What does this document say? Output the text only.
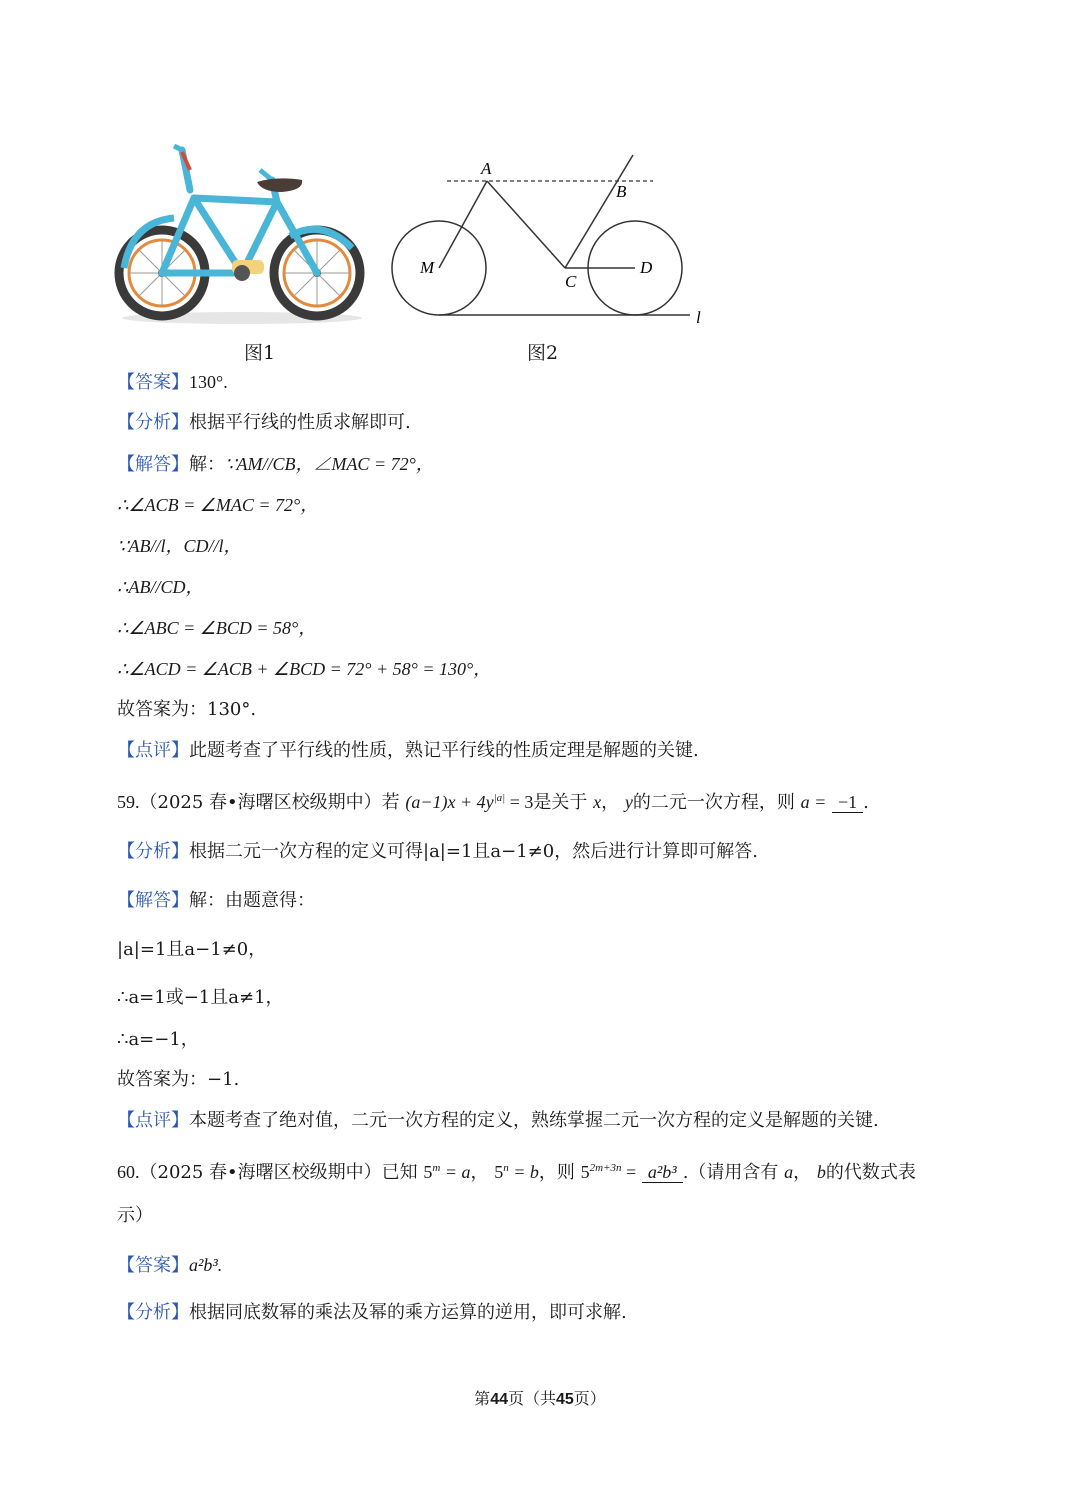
A
B
C
D
M
l
图1	图2
【答案】130°.
【分析】根据平行线的性质求解即可.
【解答】解：∵AM//CB，∠MAC = 72°，
∴∠ACB = ∠MAC = 72°，
∵AB//l，CD//l，
∴AB//CD，
∴∠ABC = ∠BCD = 58°，
∴∠ACD = ∠ACB + ∠BCD = 72° + 58° = 130°，
故答案为：130°.
【点评】此题考查了平行线的性质，熟记平行线的性质定理是解题的关键.
59.（2025 春•海曙区校级期中）若 $(a-1)x + 4y^{|a|} = 3$是关于 x， y的二元一次方程，则 a = −1 .
【分析】根据二元一次方程的定义可得|a|=1且a−1≠0，然后进行计算即可解答.
【解答】解：由题意得：
|a|=1且a−1≠0，
∴a=1或−1且a≠1，
∴a=−1，
故答案为：−1.
【点评】本题考查了绝对值，二元一次方程的定义，熟练掌握二元一次方程的定义是解题的关键.
60.（2025 春•海曙区校级期中）已知 $5^m = a$， $5^n = b$，则 $5^{2m+3n} = a^2b^3$ .（请用含有 a， b的代数式表
示）
【答案】a²b³.
【分析】根据同底数幂的乘法及幂的乘方运算的逆用，即可求解.
第44页（共45页）
